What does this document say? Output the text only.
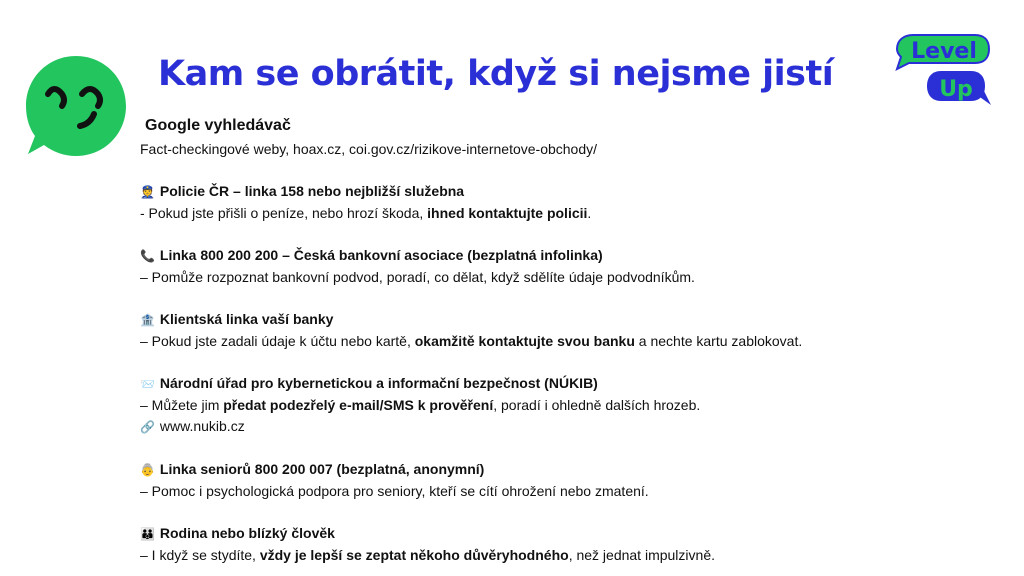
Kam se obrátit, když si nejsme jistí
Level
Up
Google vyhledávač
Fact-checkingové weby, hoax.cz, coi.gov.cz/rizikove-internetove-obchody/
👮 Policie ČR – linka 158 nebo nejbližší služebna
- Pokud jste přišli o peníze, nebo hrozí škoda, ihned kontaktujte policii.
📞 Linka 800 200 200 – Česká bankovní asociace (bezplatná infolinka)
– Pomůže rozpoznat bankovní podvod, poradí, co dělat, když sdělíte údaje podvodníkům.
🏦 Klientská linka vaší banky
– Pokud jste zadali údaje k účtu nebo kartě, okamžitě kontaktujte svou banku a nechte kartu zablokovat.
📨 Národní úřad pro kybernetickou a informační bezpečnost (NÚKIB)
– Můžete jim předat podezřelý e-mail/SMS k prověření, poradí i ohledně dalších hrozeb.
🔗 www.nukib.cz
👵 Linka seniorů 800 200 007 (bezplatná, anonymní)
– Pomoc i psychologická podpora pro seniory, kteří se cítí ohrožení nebo zmatení.
👪 Rodina nebo blízký člověk
– I když se stydíte, vždy je lepší se zeptat někoho důvěryhodného, než jednat impulzivně.
